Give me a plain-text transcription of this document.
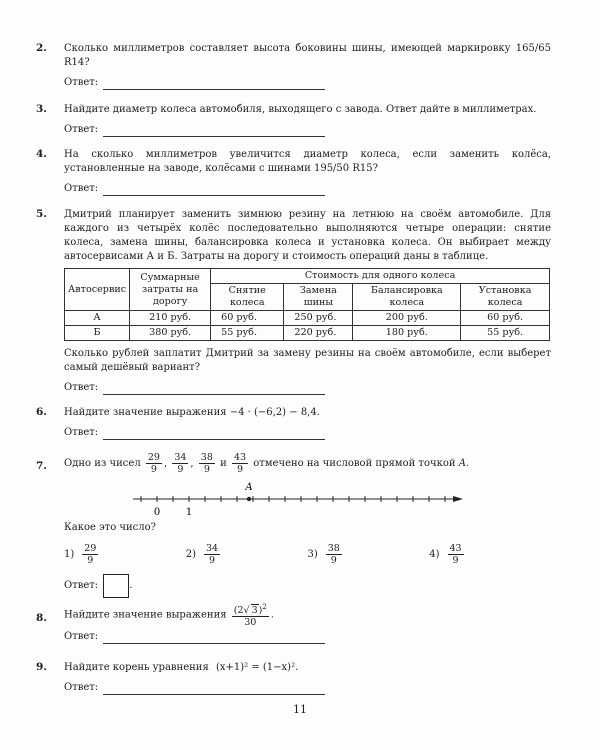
2. Сколько миллиметров составляет высота боковины шины, имеющей маркировку 165/65 R14?
Ответ:
3. Найдите диаметр колеса автомобиля, выходящего с завода. Ответ дайте в миллиметрах.
Ответ:
4. На сколько миллиметров увеличится диаметр колеса, если заменить колёса, установленные на заводе, колёсами с шинами 195/50 R15?
Ответ:
5. Дмитрий планирует заменить зимнюю резину на летнюю на своём автомобиле. Для каждого из четырёх колёс последовательно выполняются четыре операции: снятие колеса, замена шины, балансировка колеса и установка колеса. Он выбирает между автосервисами А и Б. Затраты на дорогу и стоимость операций даны в таблице.
Автосервис	Суммарные затраты на дорогу	Стоимость для одного колеса			
		Снятие колеса	Замена шины	Балансировка колеса	Установка колеса
А	210 руб.	60 руб.	250 руб.	200 руб.	60 руб.
Б	380 руб.	55 руб.	220 руб.	180 руб.	55 руб.
Сколько рублей заплатит Дмитрий за замену резины на своём автомобиле, если выберет самый дешёвый вариант?
Ответ:
6. Найдите значение выражения −4 · (−6,2) − 8,4.
Ответ:
7. Одно из чисел $\frac{29}{9}$ , $\frac{34}{9}$ , $\frac{38}{9}$ и $\frac{43}{9}$ отмечено на числовой прямой точкой A.
0	1
A
Какое это число?
$1) \frac{29}{9}$	$2) \frac{34}{9}$	$3) \frac{38}{9}$	$4) \frac{43}{9}$
Ответ:	.
8. Найдите значение выражения $\frac{(2√ 3)^2}{30}$ .
Ответ:
9. Найдите корень уравнения (x+1)² = (1−x)².
Ответ:
11
